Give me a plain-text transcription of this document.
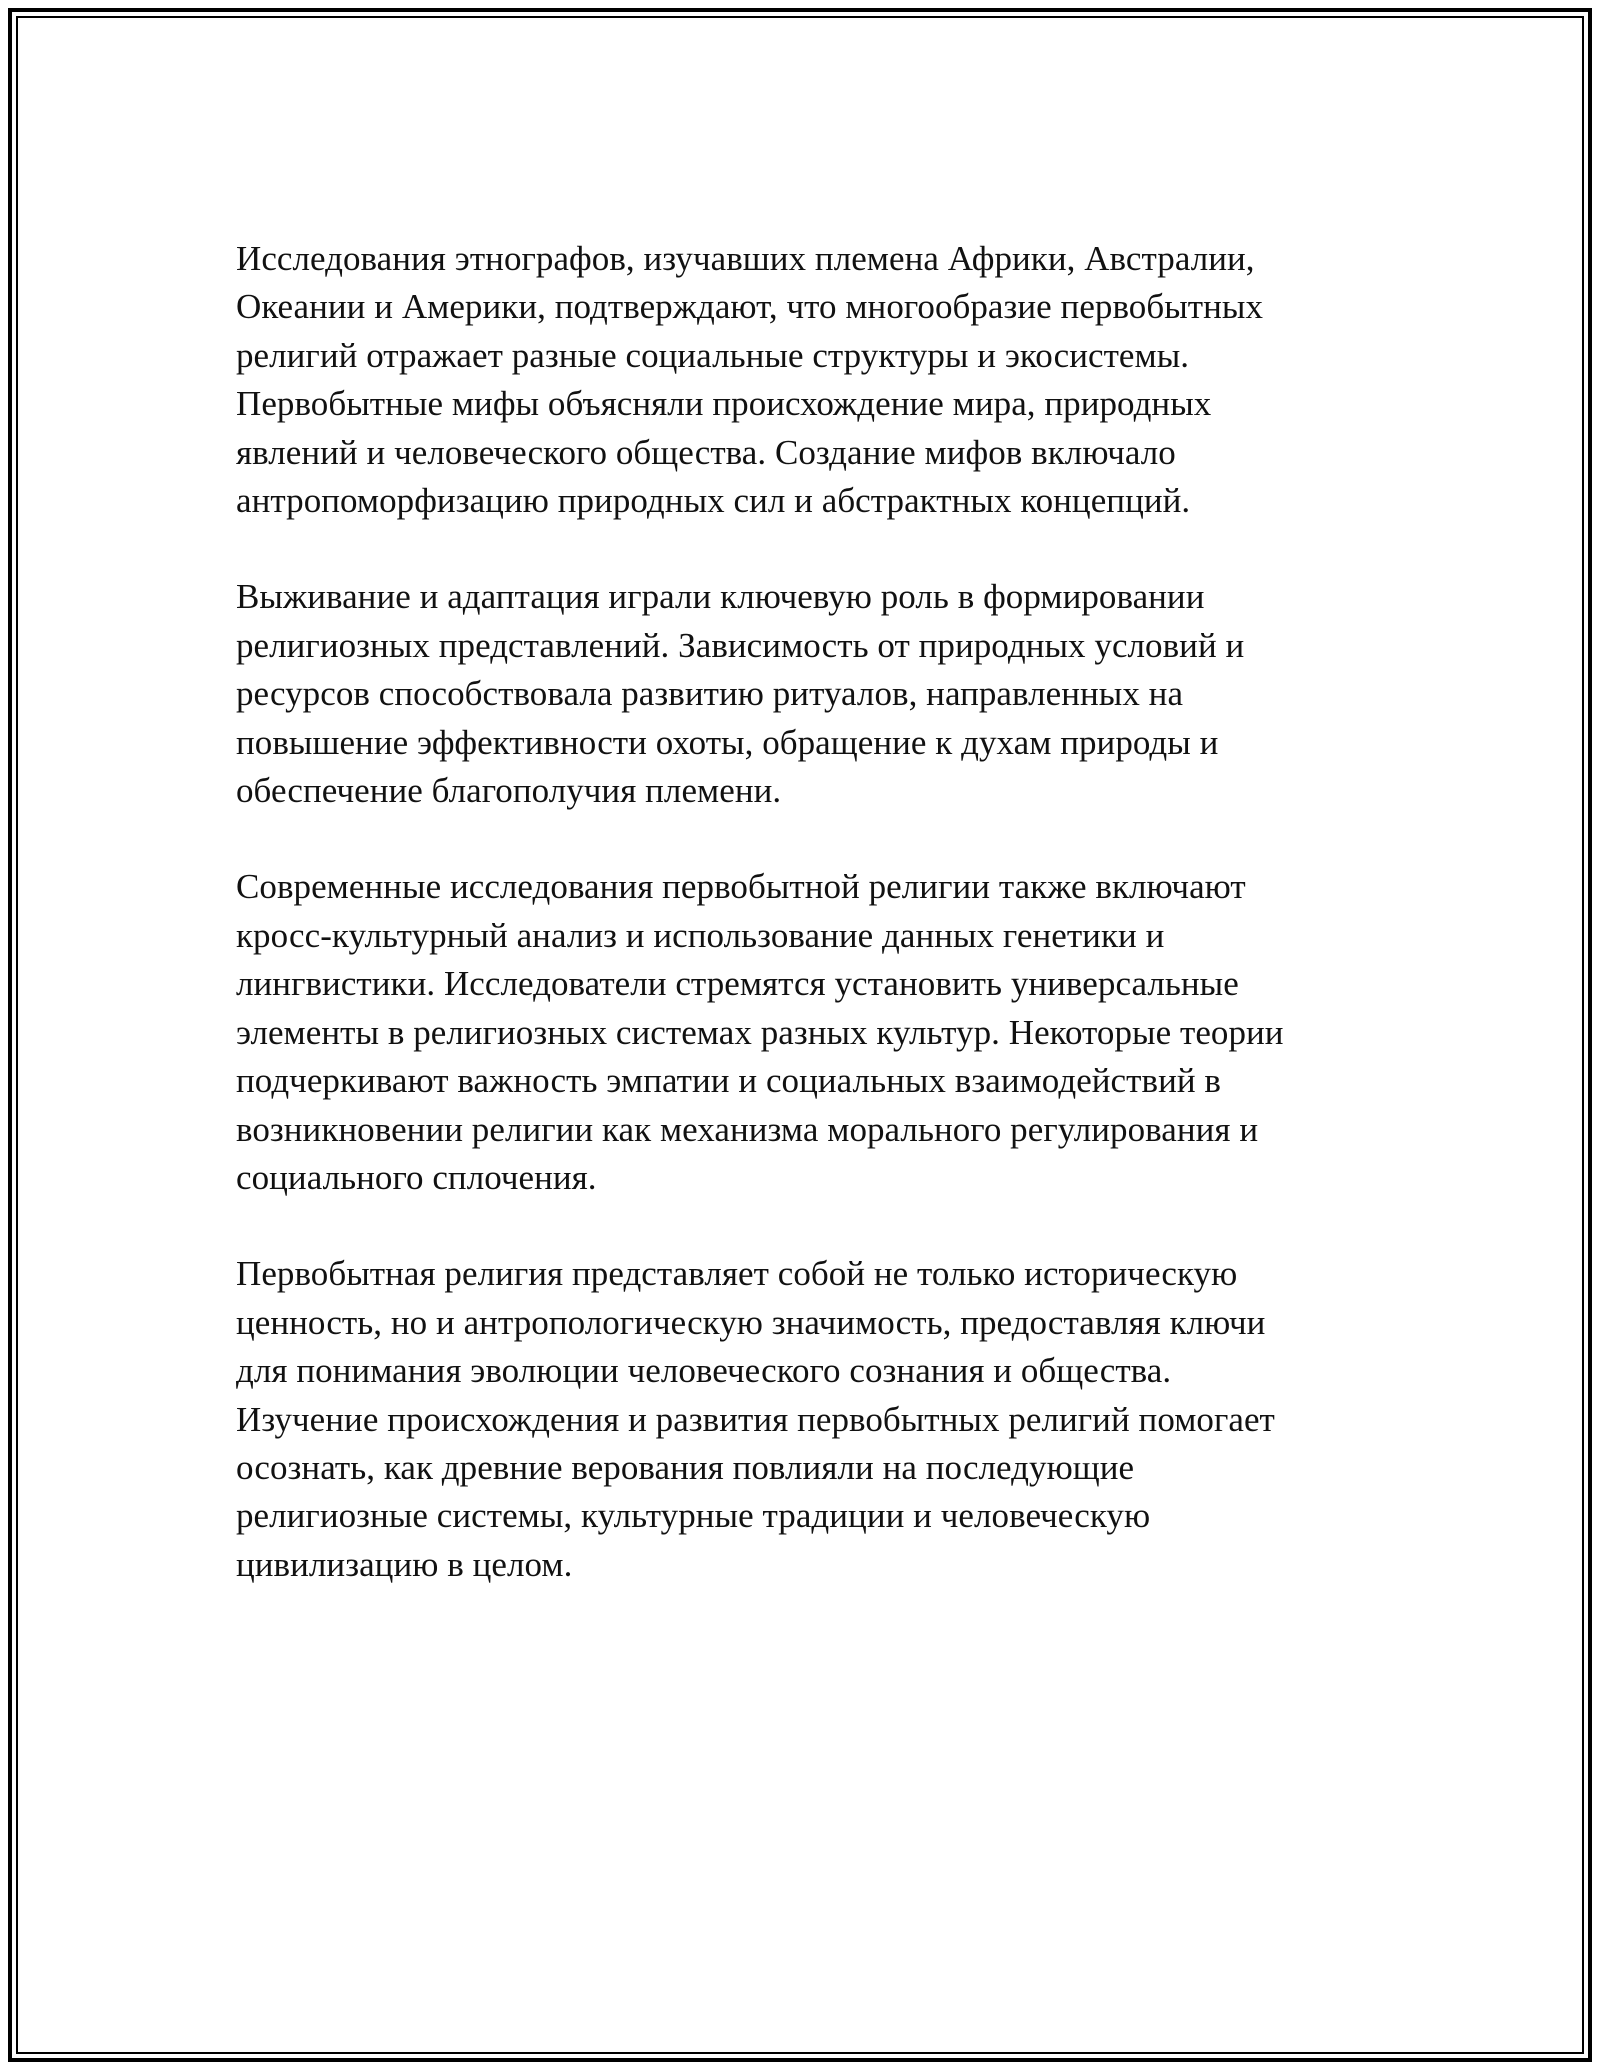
Исследования этнографов, изучавших племена Африки, Австралии,
Океании и Америки, подтверждают, что многообразие первобытных
религий отражает разные социальные структуры и экосистемы.
Первобытные мифы объясняли происхождение мира, природных
явлений и человеческого общества. Создание мифов включало
антропоморфизацию природных сил и абстрактных концепций.

Выживание и адаптация играли ключевую роль в формировании
религиозных представлений. Зависимость от природных условий и
ресурсов способствовала развитию ритуалов, направленных на
повышение эффективности охоты, обращение к духам природы и
обеспечение благополучия племени.

Современные исследования первобытной религии также включают
кросс-культурный анализ и использование данных генетики и
лингвистики. Исследователи стремятся установить универсальные
элементы в религиозных системах разных культур. Некоторые теории
подчеркивают важность эмпатии и социальных взаимодействий в
возникновении религии как механизма морального регулирования и
социального сплочения.

Первобытная религия представляет собой не только историческую
ценность, но и антропологическую значимость, предоставляя ключи
для понимания эволюции человеческого сознания и общества.
Изучение происхождения и развития первобытных религий помогает
осознать, как древние верования повлияли на последующие
религиозные системы, культурные традиции и человеческую
цивилизацию в целом.
